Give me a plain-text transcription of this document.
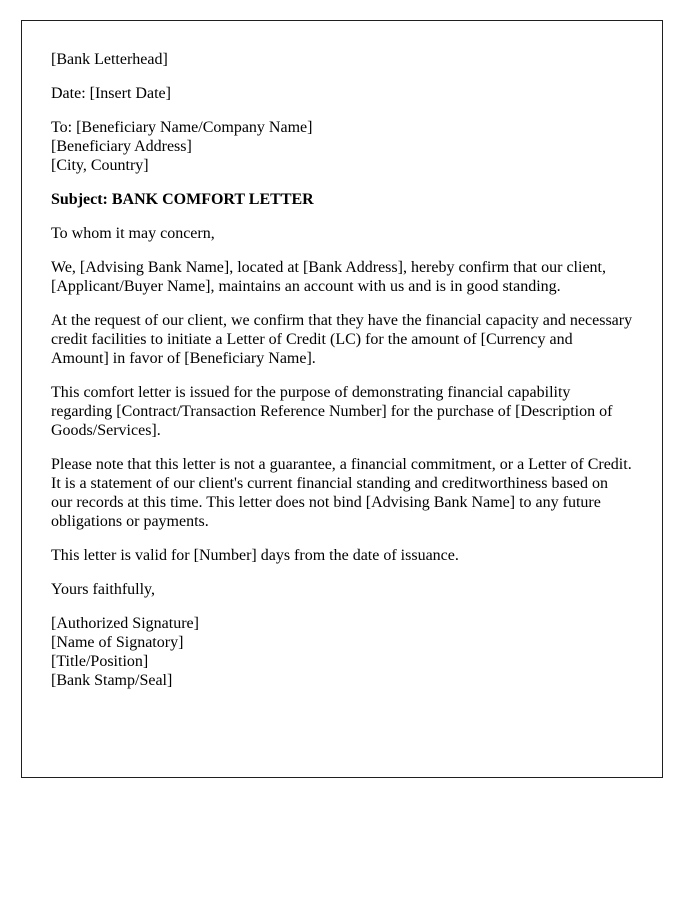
[Bank Letterhead]

Date: [Insert Date]

To: [Beneficiary Name/Company Name]
[Beneficiary Address]
[City, Country]

Subject: BANK COMFORT LETTER

To whom it may concern,

We, [Advising Bank Name], located at [Bank Address], hereby confirm that our client, [Applicant/Buyer Name], maintains an account with us and is in good standing.

At the request of our client, we confirm that they have the financial capacity and necessary credit facilities to initiate a Letter of Credit (LC) for the amount of [Currency and Amount] in favor of [Beneficiary Name].

This comfort letter is issued for the purpose of demonstrating financial capability regarding [Contract/Transaction Reference Number] for the purchase of [Description of Goods/Services].

Please note that this letter is not a guarantee, a financial commitment, or a Letter of Credit. It is a statement of our client's current financial standing and creditworthiness based on our records at this time. This letter does not bind [Advising Bank Name] to any future obligations or payments.

This letter is valid for [Number] days from the date of issuance.

Yours faithfully,

[Authorized Signature]
[Name of Signatory]
[Title/Position]
[Bank Stamp/Seal]
